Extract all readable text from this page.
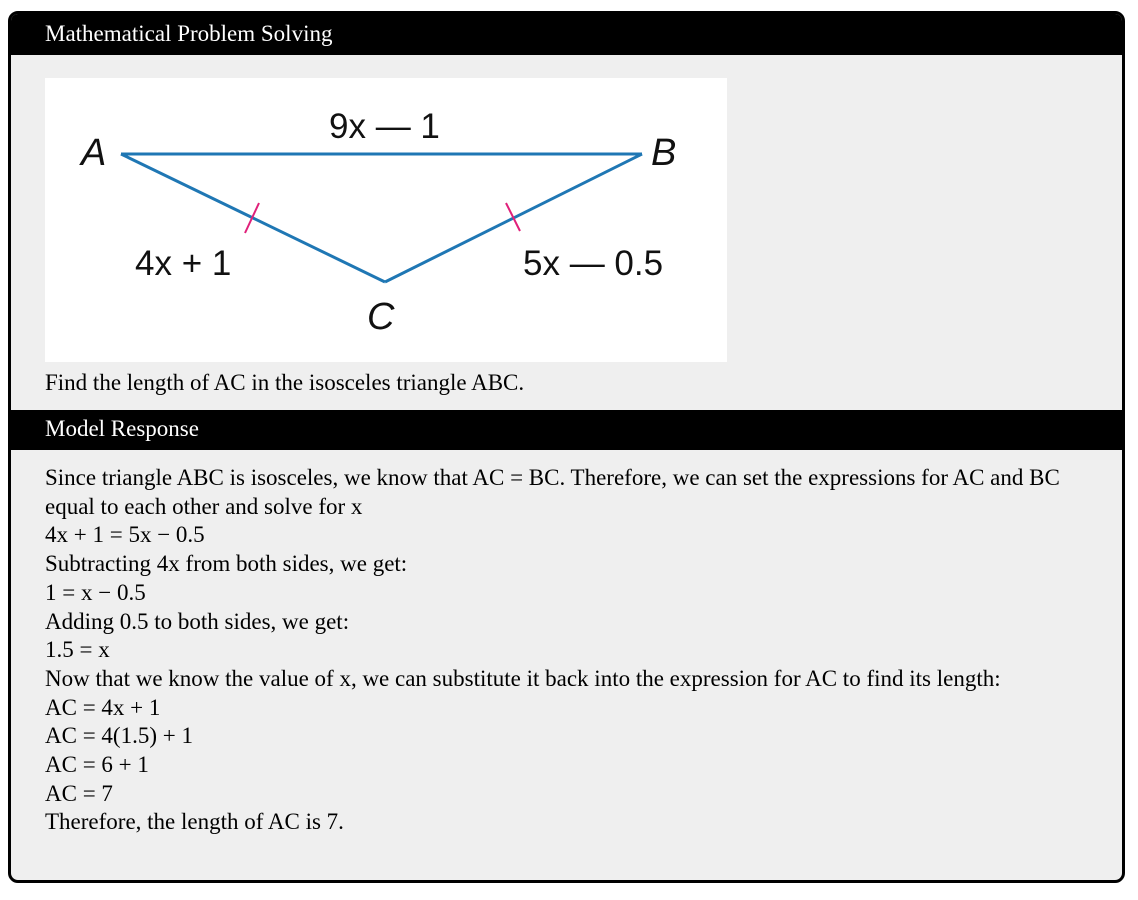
Mathematical Problem Solving
A	B
C
9x — 1
4x + 1	5x — 0.5
Find the length of AC in the isosceles triangle ABC.
Model Response
Since triangle ABC is isosceles, we know that AC = BC. Therefore, we can set the expressions for AC and BC equal to each other and solve for x
4x + 1 = 5x − 0.5
Subtracting 4x from both sides, we get:
1 = x − 0.5
Adding 0.5 to both sides, we get:
1.5 = x
Now that we know the value of x, we can substitute it back into the expression for AC to find its length:
AC = 4x + 1
AC = 4(1.5) + 1
AC = 6 + 1
AC = 7
Therefore, the length of AC is 7.
